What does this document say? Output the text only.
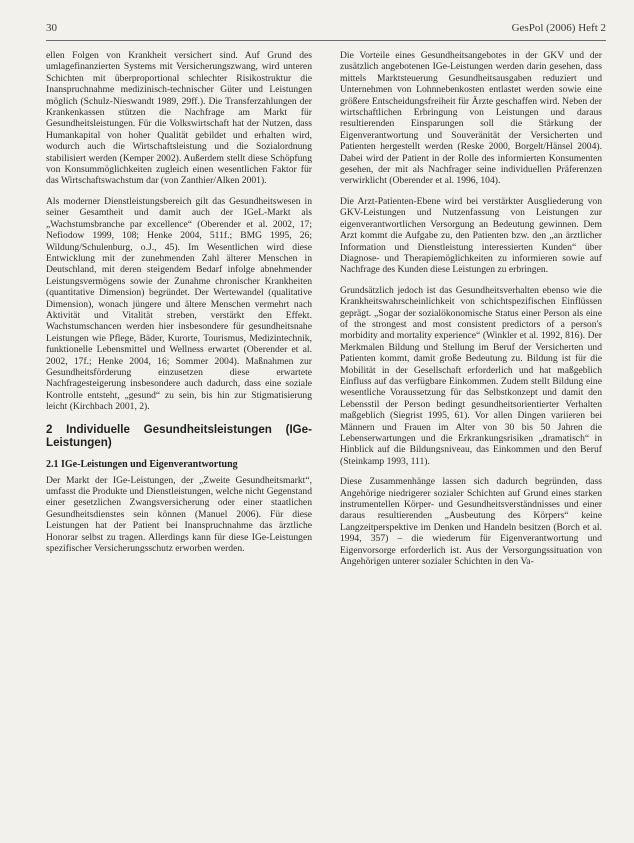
30	GesPol (2006) Heft 2

ellen Folgen von Krankheit versichert sind. Auf Grund des umlagefinanzierten Systems mit Versicherungszwang, wird unteren Schichten mit überproportional schlechter Risikostruktur die Inanspruchnahme medizinisch-technischer Güter und Leistungen möglich (Schulz-Nieswandt 1989, 29ff.). Die Transferzahlungen der Krankenkassen stützen die Nachfrage am Markt für Gesundheitsleistungen. Für die Volkswirtschaft hat der Nutzen, dass Humankapital von hoher Qualität gebildet und erhalten wird, wodurch auch die Wirtschaftsleistung und die Sozialordnung stabilisiert werden (Kemper 2002). Außerdem stellt diese Schöpfung von Konsummöglichkeiten zugleich einen wesentlichen Faktor für das Wirtschaftswachstum dar (von Zanthier/Alken 2001).

Als moderner Dienstleistungsbereich gilt das Gesundheitswesen in seiner Gesamtheit und damit auch der IGeL-Markt als „Wachstumsbranche par excellence“ (Oberender et al. 2002, 17; Nefiodow 1999, 108; Henke 2004, 511f.; BMG 1995, 26; Wildung/Schulenburg, o.J., 45). Im Wesentlichen wird diese Entwicklung mit der zunehmenden Zahl älterer Menschen in Deutschland, mit deren steigendem Bedarf infolge abnehmender Leistungsvermögens sowie der Zunahme chronischer Krankheiten (quantitative Dimension) begründet. Der Wertewandel (qualitative Dimension), wonach jüngere und ältere Menschen vermehrt nach Aktivität und Vitalität streben, verstärkt den Effekt. Wachstumschancen werden hier insbesondere für gesundheitsnahe Leistungen wie Pflege, Bäder, Kurorte, Tourismus, Medizintechnik, funktionelle Lebensmittel und Wellness erwartet (Oberender et al. 2002, 17f.; Henke 2004, 16; Sommer 2004). Maßnahmen zur Gesundheitsförderung einzusetzen diese erwartete Nachfragesteigerung insbesondere auch dadurch, dass eine soziale Kontrolle entsteht, „gesund“ zu sein, bis hin zur Stigmatisierung leicht (Kirchbach 2001, 2).

2 Individuelle Gesundheitsleistungen (IGe-Leistungen)
2.1 IGe-Leistungen und Eigenverantwortung

Der Markt der IGe-Leistungen, der „Zweite Gesundheitsmarkt“, umfasst die Produkte und Dienstleistungen, welche nicht Gegenstand einer gesetzlichen Zwangsversicherung oder einer staatlichen Gesundheitsdienstes sein können (Manuel 2006). Für diese Leistungen hat der Patient bei Inanspruchnahme das ärztliche Honorar selbst zu tragen. Allerdings kann für diese IGe-Leistungen spezifischer Versicherungsschutz erworben werden.

Die Vorteile eines Gesundheitsangebotes in der GKV und der zusätzlich angebotenen IGe-Leistungen werden darin gesehen, dass mittels Marktsteuerung Gesundheitsausgaben reduziert und Unternehmen von Lohnnebenkosten entlastet werden sowie eine größere Entscheidungsfreiheit für Ärzte geschaffen wird. Neben der wirtschaftlichen Erbringung von Leistungen und daraus resultierenden Einsparungen soll die Stärkung der Eigenverantwortung und Souveränität der Versicherten und Patienten hergestellt werden (Reske 2000, Borgelt/Hänsel 2004). Dabei wird der Patient in der Rolle des informierten Konsumenten gesehen, der mit als Nachfrager seine individuellen Präferenzen verwirklicht (Oberender et al. 1996, 104).

Die Arzt-Patienten-Ebene wird bei verstärkter Ausgliederung von GKV-Leistungen und Nutzenfassung von Leistungen zur eigenverantwortlichen Versorgung an Bedeutung gewinnen. Dem Arzt kommt die Aufgabe zu, den Patienten bzw. den „an ärztlicher Information und Dienstleistung interessierten Kunden“ über Diagnose- und Therapiemöglichkeiten zu informieren sowie auf Nachfrage des Kunden diese Leistungen zu erbringen.

Grundsätzlich jedoch ist das Gesundheitsverhalten ebenso wie die Krankheitswahrscheinlichkeit von schichtspezifischen Einflüssen geprägt. „Sogar der sozialökonomische Status einer Person als eine of the strongest and most consistent predictors of a person's morbidity and mortality experience“ (Winkler et al. 1992, 816). Der Merkmalen Bildung und Stellung im Beruf der Versicherten und Patienten kommt, damit große Bedeutung zu. Bildung ist für die Mobilität in der Gesellschaft erforderlich und hat maßgeblich Einfluss auf das verfügbare Einkommen. Zudem stellt Bildung eine wesentliche Voraussetzung für das Selbstkonzept und damit den Lebensstil der Person bedingt gesundheitsorientierter Verhalten maßgeblich (Siegrist 1995, 61). Vor allen Dingen variieren bei Männern und Frauen im Alter von 30 bis 50 Jahren die Lebenserwartungen und die Erkrankungsrisiken „dramatisch“ in Hinblick auf die Bildungsniveau, das Einkommen und den Beruf (Steinkamp 1993, 111).

Diese Zusammenhänge lassen sich dadurch begründen, dass Angehörige niedrigerer sozialer Schichten auf Grund eines starken instrumentellen Körper- und Gesundheitsverständnisses und einer daraus resultierenden „Ausbeutung des Körpers“ keine Langzeitperspektive im Denken und Handeln besitzen (Borch et al. 1994, 357) – die wiederum für Eigenverantwortung und Eigenvorsorge erforderlich ist. Aus der Versorgungssituation von Angehörigen unterer sozialer Schichten in den Va-
